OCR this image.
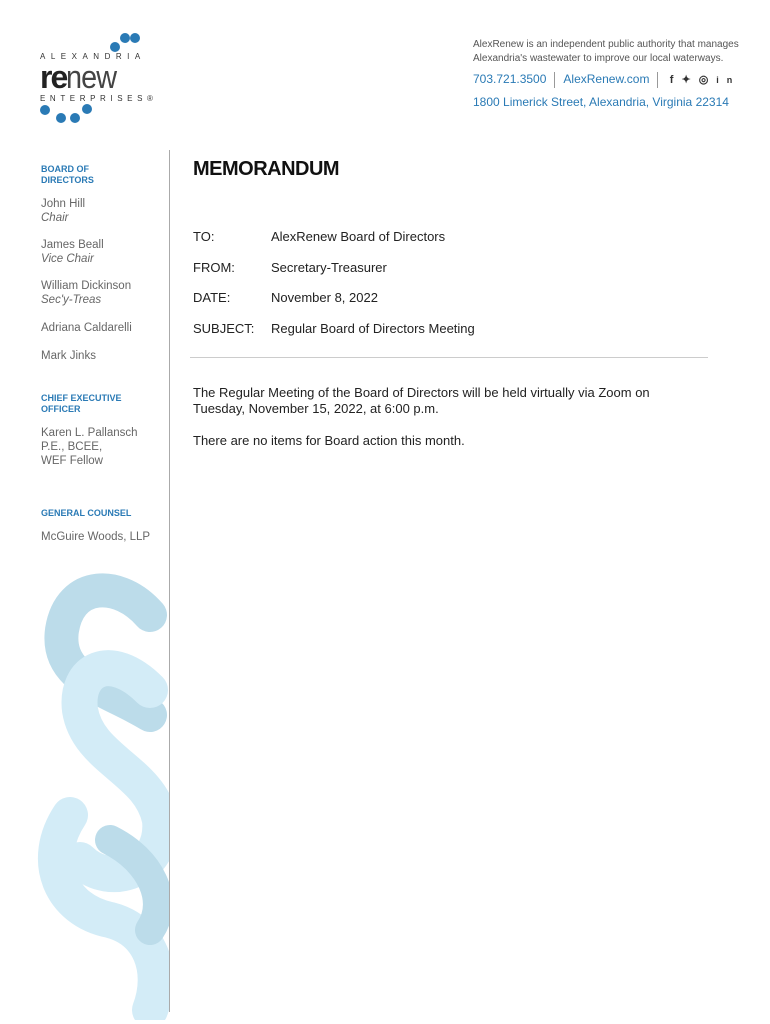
ALEXANDRIA
renew
ENTERPRISES®
AlexRenew is an independent public authority that manages
Alexandria's wastewater to improve our local waterways.
703.721.3500 AlexRenew.com f✦◎in
1800 Limerick Street, Alexandria, Virginia 22314
BOARD OF
DIRECTORS
John Hill
Chair
James Beall
Vice Chair
William Dickinson
Sec'y-Treas
Adriana Caldarelli
Mark Jinks
CHIEF EXECUTIVE
OFFICER
Karen L. Pallansch
P.E., BCEE,
WEF Fellow
GENERAL COUNSEL
McGuire Woods, LLP
MEMORANDUM
TO:	AlexRenew Board of Directors
FROM:	Secretary-Treasurer
DATE:	November 8, 2022
SUBJECT: Regular Board of Directors Meeting
The Regular Meeting of the Board of Directors will be held virtually via Zoom on Tuesday, November 15, 2022, at 6:00 p.m.
There are no items for Board action this month.
